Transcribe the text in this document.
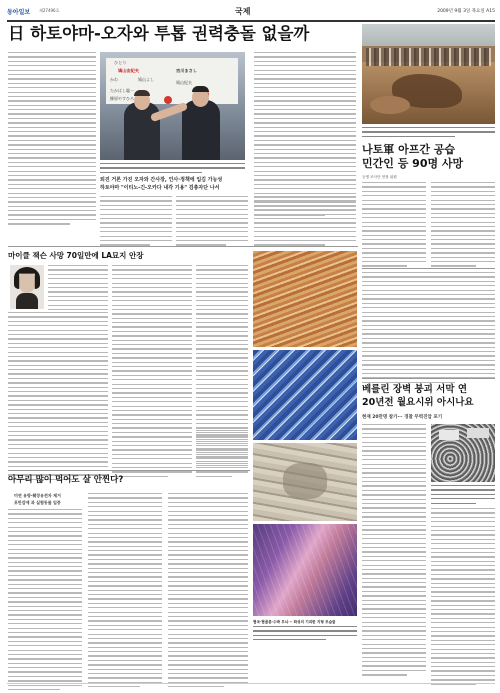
동아일보 제27496호	국제	2009년 9월 3일 목요일 A15
日 하토야마-오자와 투톱 권력충돌 없을까
ひとり
鳩山由紀夫	吉川まさし
かわ	鳩山よし
鳩山紀夫
たかはし聡一
柳原やすひろ
퇴진 거론 가진 오자와 간사장, 인사·정책에 입김 가능성
하토야마 "이티노-긴-오카다 내각 기용" 검총자단 나서
나토軍 아프간 공습
민간인 등 90명 사망
등생 조사단 현장 위원
마이클 잭슨 사망 70일만에 LA묘지 안장
협곡·협골총·수박 무늬··· 화성의 기괴한 지형 모습들
아무리 많이 먹어도 살 안찐다?
미연 유방·췌장유전자 제거
포만감에 과 실험동물 입증
베를린 장벽 붕괴 서막 연
20년전 월요시위 아시나요
현재 20만명 참가··· 경찰 무력진압 포기
